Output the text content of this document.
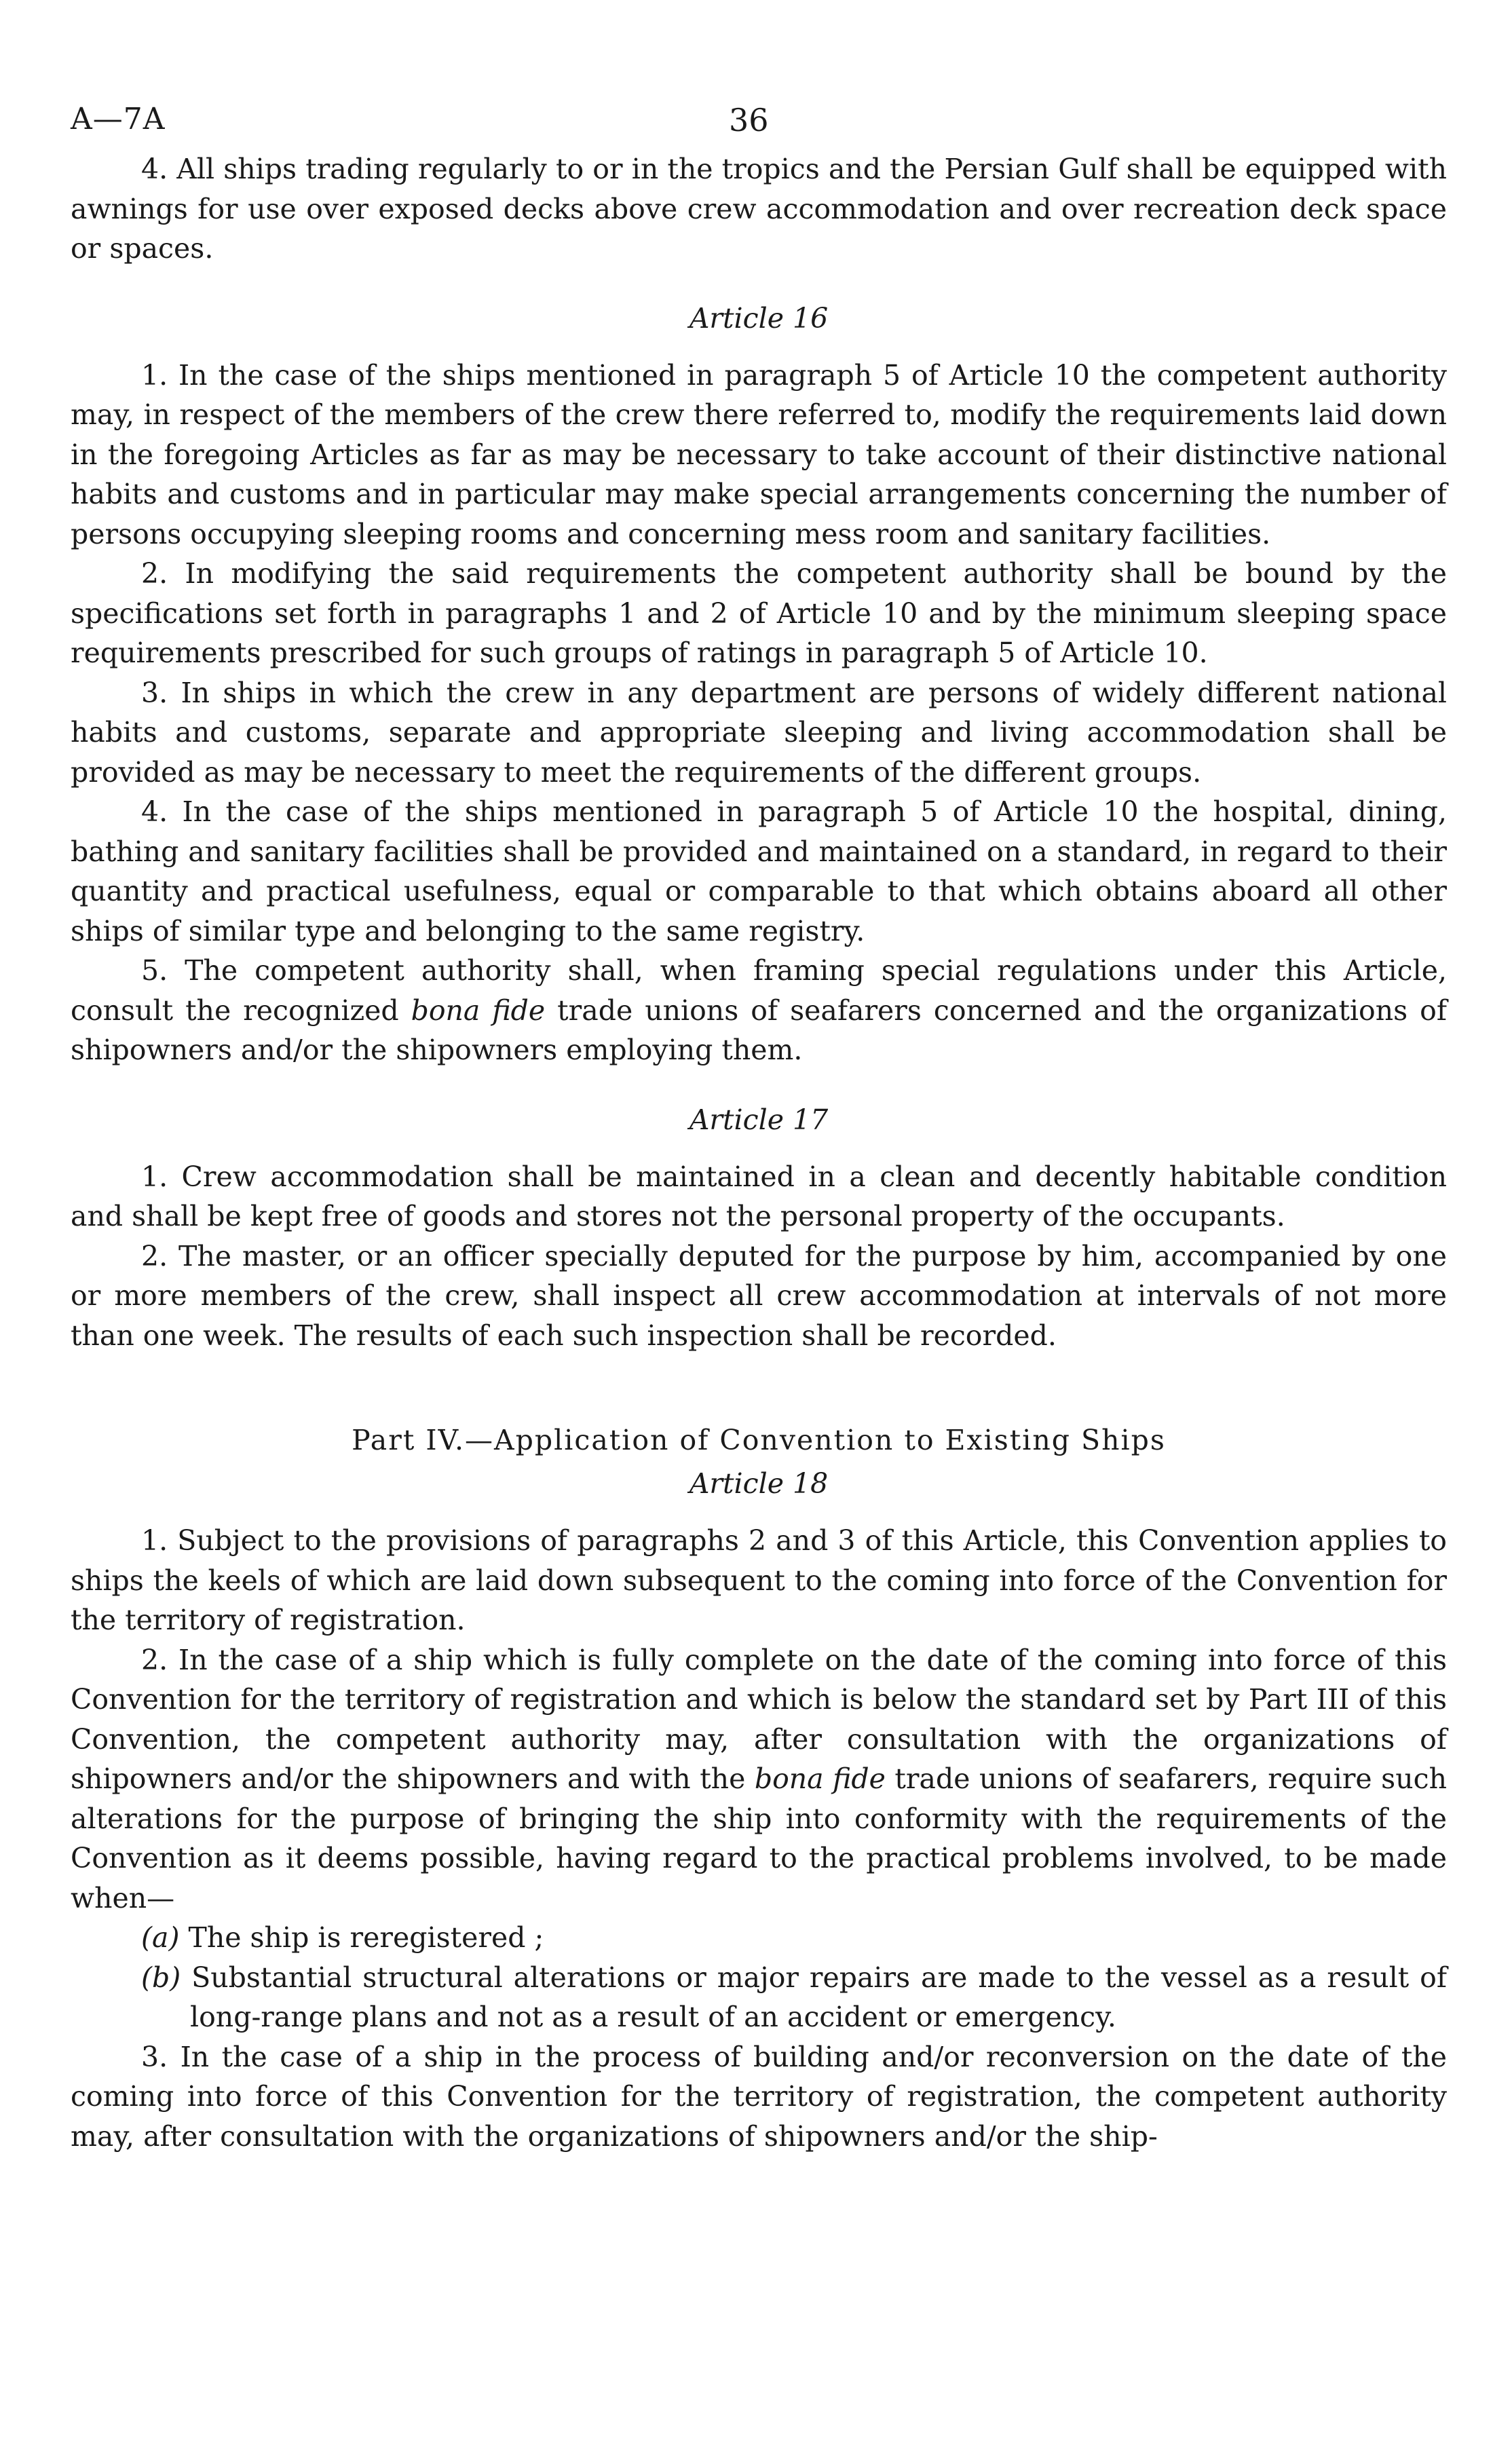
A—7A	36

4. All ships trading regularly to or in the tropics and the Persian Gulf shall be equipped with awnings for use over exposed decks above crew accommodation and over recreation deck space or spaces.

Article 16

1. In the case of the ships mentioned in paragraph 5 of Article 10 the competent authority may, in respect of the members of the crew there referred to, modify the requirements laid down in the foregoing Articles as far as may be necessary to take account of their distinctive national habits and customs and in particular may make special arrangements concerning the number of persons occupying sleeping rooms and concerning mess room and sanitary facilities.

2. In modifying the said requirements the competent authority shall be bound by the specifications set forth in paragraphs 1 and 2 of Article 10 and by the minimum sleeping space requirements prescribed for such groups of ratings in paragraph 5 of Article 10.

3. In ships in which the crew in any department are persons of widely different national habits and customs, separate and appropriate sleeping and living accommodation shall be provided as may be necessary to meet the requirements of the different groups.

4. In the case of the ships mentioned in paragraph 5 of Article 10 the hospital, dining, bathing and sanitary facilities shall be provided and maintained on a standard, in regard to their quantity and practical usefulness, equal or comparable to that which obtains aboard all other ships of similar type and belonging to the same registry.

5. The competent authority shall, when framing special regulations under this Article, consult the recognized bona fide trade unions of seafarers concerned and the organizations of shipowners and/or the shipowners employing them.

Article 17

1. Crew accommodation shall be maintained in a clean and decently habitable condition and shall be kept free of goods and stores not the personal property of the occupants.

2. The master, or an officer specially deputed for the purpose by him, accompanied by one or more members of the crew, shall inspect all crew accommodation at intervals of not more than one week. The results of each such inspection shall be recorded.

Part IV.—Application of Convention to Existing Ships
Article 18

1. Subject to the provisions of paragraphs 2 and 3 of this Article, this Convention applies to ships the keels of which are laid down subsequent to the coming into force of the Convention for the territory of registration.

2. In the case of a ship which is fully complete on the date of the coming into force of this Convention for the territory of registration and which is below the standard set by Part III of this Convention, the competent authority may, after consultation with the organizations of shipowners and/or the shipowners and with the bona fide trade unions of seafarers, require such alterations for the purpose of bringing the ship into conformity with the requirements of the Convention as it deems possible, having regard to the practical problems involved, to be made when—

(a) The ship is reregistered ;

(b) Substantial structural alterations or major repairs are made to the vessel as a result of long-range plans and not as a result of an accident or emergency.

3. In the case of a ship in the process of building and/or reconversion on the date of the coming into force of this Convention for the territory of registration, the competent authority may, after consultation with the organizations of shipowners and/or the ship-
